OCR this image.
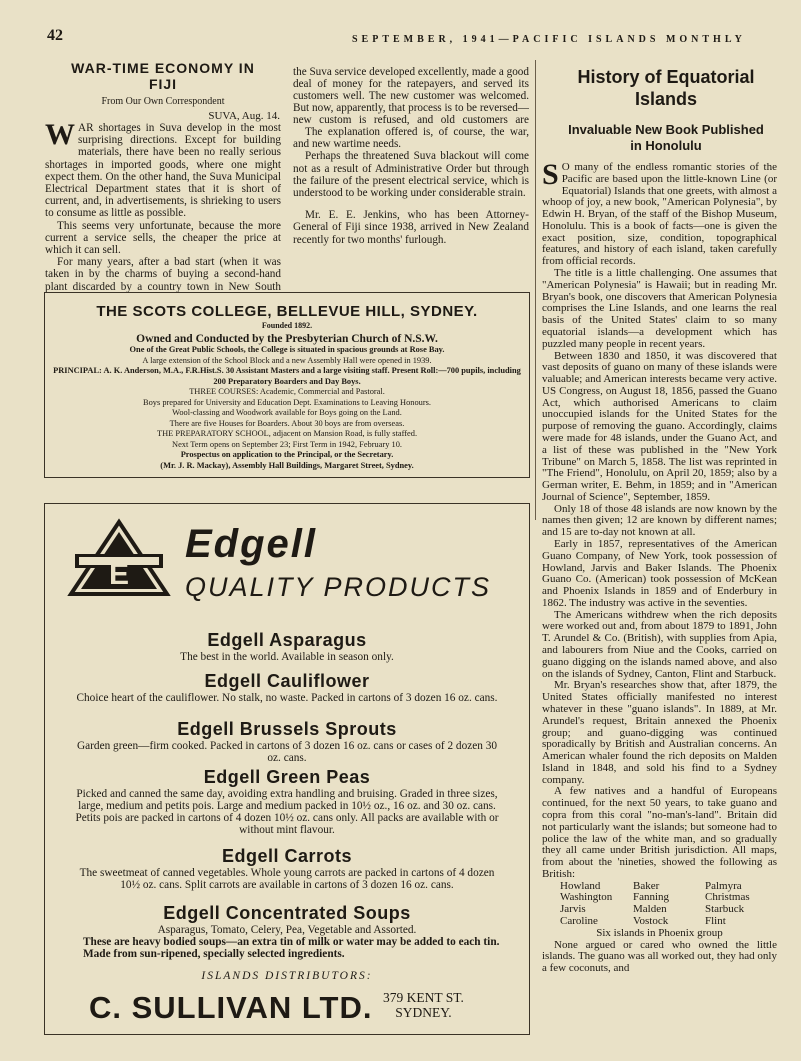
42	SEPTEMBER, 1941—PACIFIC ISLANDS MONTHLY
WAR-TIME ECONOMY IN
FIJI
From Our Own Correspondent
SUVA, Aug. 14.

WAR shortages in Suva develop in the most surprising directions. Except for building materials, there have been no really serious shortages in imported goods, where one might expect them. On the other hand, the Suva Municipal Electrical Department states that it is short of current, and, in advertisements, is shrieking to users to consume as little as possible.

This seems very unfortunate, because the more current a service sells, the cheaper the price at which it can sell.

For many years, after a bad start (when it was taken in by the charms of buying a second-hand plant discarded by a country town in New South

the Suva service developed excellently, made a good deal of money for the ratepayers, and served its customers well. The new customer was welcomed. But now, apparently, that process is to be reversed—new custom is refused, and old customers are

The explanation offered is, of course, the war, and new wartime needs.

Perhaps the threatened Suva blackout will come not as a result of Administrative Order but through the failure of the present electrical service, which is understood to be working under considerable strain.

Mr. E. E. Jenkins, who has been Attorney-General of Fiji since 1938, arrived in New Zealand recently for two months' furlough.

THE SCOTS COLLEGE, BELLEVUE HILL, SYDNEY.
Founded 1892.
Owned and Conducted by the Presbyterian Church of N.S.W.
One of the Great Public Schools, the College is situated in spacious grounds at Rose Bay.
A large extension of the School Block and a new Assembly Hall were opened in 1939.
PRINCIPAL: A. K. Anderson, M.A., F.R.Hist.S. 30 Assistant Masters and a large visiting staff. Present Roll:—700 pupils, including 200 Preparatory Boarders and Day Boys.
THREE COURSES: Academic, Commercial and Pastoral.
Boys prepared for University and Education Dept. Examinations to Leaving Honours.
Wool-classing and Woodwork available for Boys going on the Land.
There are five Houses for Boarders. About 30 boys are from overseas.
THE PREPARATORY SCHOOL, adjacent on Mansion Road, is fully staffed.
Next Term opens on September 23; First Term in 1942, February 10.
Prospectus on application to the Principal, or the Secretary.
(Mr. J. R. Mackay), Assembly Hall Buildings, Margaret Street, Sydney.
E
Edgell
QUALITY PRODUCTS
Edgell Asparagus
The best in the world. Available in season only.
Edgell Cauliflower
Choice heart of the cauliflower. No stalk, no waste. Packed in cartons of 3 dozen 16 oz. cans.
Edgell Brussels Sprouts
Garden green—firm cooked. Packed in cartons of 3 dozen 16 oz. cans or cases of 2 dozen 30 oz. cans.
Edgell Green Peas
Picked and canned the same day, avoiding extra handling and bruising. Graded in three sizes, large, medium and petits pois. Large and medium packed in 10½ oz., 16 oz. and 30 oz. cans. Petits pois are packed in cartons of 4 dozen 10½ oz. cans only. All packs are available with or without mint flavour.
Edgell Carrots
The sweetmeat of canned vegetables. Whole young carrots are packed in cartons of 4 dozen 10½ oz. cans. Split carrots are available in cartons of 3 dozen 16 oz. cans.
Edgell Concentrated Soups
Asparagus, Tomato, Celery, Pea, Vegetable and Assorted.
These are heavy bodied soups—an extra tin of milk or water may be added to each tin. Made from sun-ripened, specially selected ingredients.
ISLANDS DISTRIBUTORS:
C. SULLIVAN LTD. 379 KENT ST.
SYDNEY.
History of Equatorial
Islands
Invaluable New Book Published
in Honolulu

S O many of the endless romantic stories of the Pacific are based upon the little-known Line (or Equatorial) Islands that one greets, with almost a whoop of joy, a new book, "American Polynesia", by Edwin H. Bryan, of the staff of the Bishop Museum, Honolulu. This is a book of facts—one is given the exact position, size, condition, topographical features, and history of each island, taken carefully from official records.

The title is a little challenging. One assumes that "American Polynesia" is Hawaii; but in reading Mr. Bryan's book, one discovers that American Polynesia comprises the Line Islands, and one learns the real basis of the United States' claim to so many equatorial islands—a development which has puzzled many people in recent years.

Between 1830 and 1850, it was discovered that vast deposits of guano on many of these islands were valuable; and American interests became very active. US Congress, on August 18, 1856, passed the Guano Act, which authorised Americans to claim unoccupied islands for the United States for the purpose of removing the guano. Accordingly, claims were made for 48 islands, under the Guano Act, and a list of these was published in the "New York Tribune" on March 5, 1858. The list was reprinted in "The Friend", Honolulu, on April 20, 1859; also by a German writer, E. Behm, in 1859; and in "American Journal of Science", September, 1859.

Only 18 of those 48 islands are now known by the names then given; 12 are known by different names; and 15 are to-day not known at all.

Early in 1857, representatives of the American Guano Company, of New York, took possession of Howland, Jarvis and Baker Islands. The Phoenix Guano Co. (American) took possession of McKean and Phoenix Islands in 1859 and of Enderbury in 1862. The industry was active in the seventies.

The Americans withdrew when the rich deposits were worked out and, from about 1879 to 1891, John T. Arundel & Co. (British), with supplies from Apia, and labourers from Niue and the Cooks, carried on guano digging on the islands named above, and also on the islands of Sydney, Canton, Flint and Starbuck.

Mr. Bryan's researches show that, after 1879, the United States officially manifested no interest whatever in these "guano islands". In 1889, at Mr. Arundel's request, Britain annexed the Phoenix group; and guano-digging was continued sporadically by British and Australian concerns. An American whaler found the rich deposits on Malden Island in 1848, and sold his find to a Sydney company.

A few natives and a handful of Europeans continued, for the next 50 years, to take guano and copra from this coral "no-man's-land". Britain did not particularly want the islands; but someone had to police the law of the white man, and so gradually they all came under British jurisdiction. All maps, from about the 'nineties, showed the following as British:

Howland	Baker	Palmyra
Washington	Fanning	Christmas
Jarvis	Malden	Starbuck
Caroline	Vostock	Flint

Six islands in Phoenix group

None argued or cared who owned the little islands. The guano was all worked out, they had only a few coconuts, and
